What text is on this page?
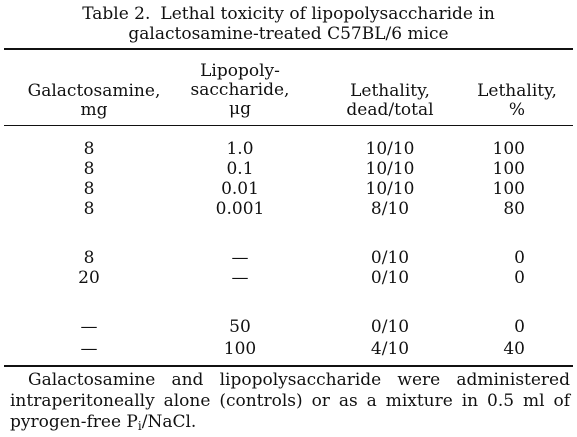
Table 2. Lethal toxicity of lipopolysaccharide in
galactosamine-treated C57BL/6 mice
Galactosamine,
mg
Lipopoly-
saccharide,
μg
Lethality,
dead/total
Lethality,
%
8
8
8
8
8
20
—
—
1.0
0.1
0.01
0.001
—
—
50
100
10/10
10/10
10/10
8/10
0/10
0/10
0/10
4/10
100
100
100
80
0
0
0
40
Galactosamine and lipopolysaccharide were administered intraperitoneally alone (controls) or as a mixture in 0.5 ml of pyrogen-free $P_i$/NaCl.
